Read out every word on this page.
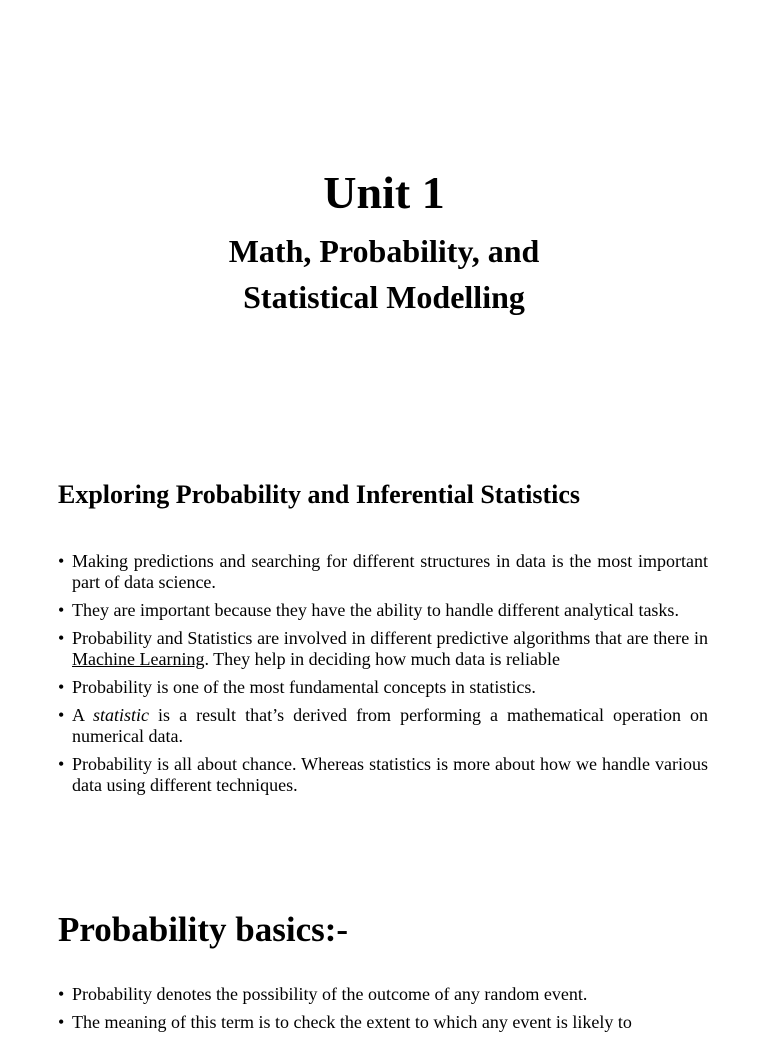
Unit 1
Math, Probability, and
Statistical Modelling
Exploring Probability and Inferential Statistics
• Making predictions and searching for different structures in data is the most important part of data science.
• They are important because they have the ability to handle different analytical tasks.
• Probability and Statistics are involved in different predictive algorithms that are there in Machine Learning. They help in deciding how much data is reliable
• Probability is one of the most fundamental concepts in statistics.
• A statistic is a result that’s derived from performing a mathematical operation on numerical data.
• Probability is all about chance. Whereas statistics is more about how we handle various data using different techniques.
Probability basics:-
• Probability denotes the possibility of the outcome of any random event.
• The meaning of this term is to check the extent to which any event is likely to
